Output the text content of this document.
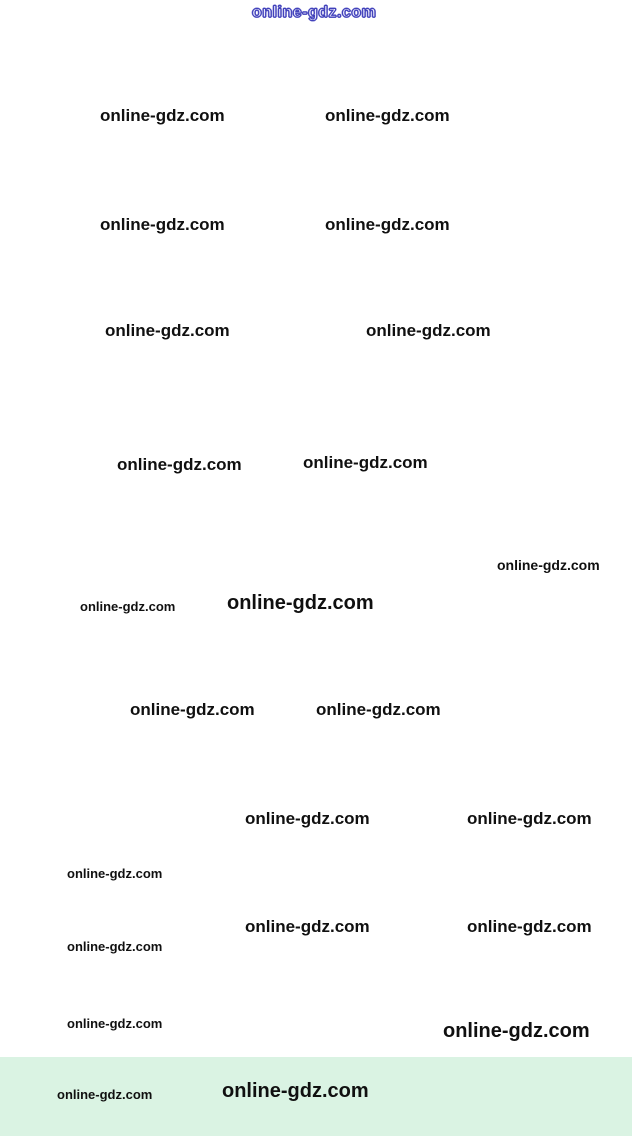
online-gdz.com
online-gdz.com	online-gdz.com
online-gdz.com	online-gdz.com
online-gdz.com	online-gdz.com
online-gdz.com	online-gdz.com
online-gdz.com
online-gdz.com	online-gdz.com
online-gdz.com	online-gdz.com
online-gdz.com	online-gdz.com
online-gdz.com
online-gdz.com	online-gdz.com
online-gdz.com
online-gdz.com	online-gdz.com
online-gdz.com	online-gdz.com
